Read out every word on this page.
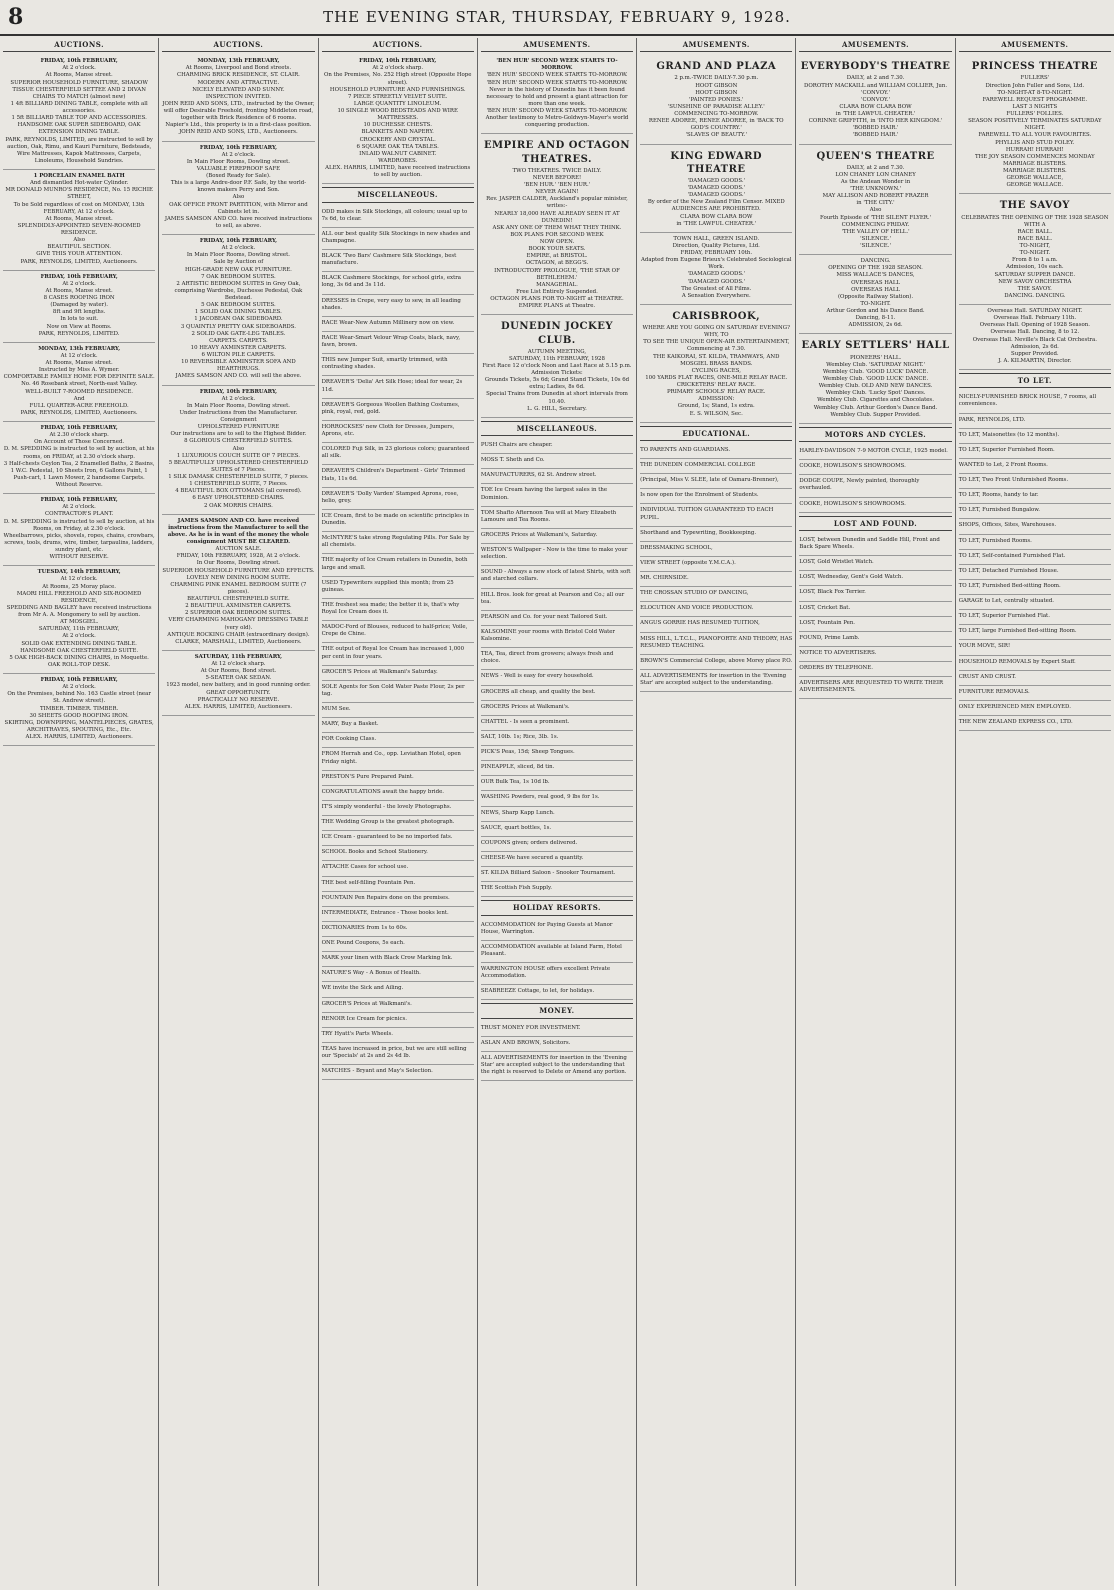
8	THE EVENING STAR, THURSDAY, FEBRUARY 9, 1928.
AUCTIONS.

FRIDAY, 10th FEBRUARY,

At 2 o'clock.

At Rooms, Manse street.

SUPERIOR HOUSEHOLD FURNITURE, SHADOW TISSUE CHESTERFIELD SETTEE AND 2 DIVAN CHAIRS TO MATCH (almost new)

1 4ft BILLIARD DINING TABLE, complete with all accessories.

1 5ft BILLIARD TABLE TOP AND ACCESSORIES.

HANDSOME OAK SUPER SIDEBOARD, OAK EXTENSION DINING TABLE.

PARK, REYNOLDS, LIMITED, are instructed to sell by auction, Oak, Rimu, and Kauri Furniture, Bedsteads, Wire Mattresses, Kapok Mattresses, Carpets, Linoleums, Household Sundries.

1 PORCELAIN ENAMEL BATH

And dismantled Hot-water Cylinder.

MR DONALD MUNRO'S RESIDENCE, No. 15 RICHIE STREET,

To be Sold regardless of cost on MONDAY, 13th FEBRUARY, At 12 o'clock.

At Rooms, Manse street.

SPLENDIDLY-APPOINTED SEVEN-ROOMED RESIDENCE.

Also

BEAUTIFUL SECTION.

GIVE THIS YOUR ATTENTION.

PARK, REYNOLDS, LIMITED, Auctioneers.

FRIDAY, 10th FEBRUARY,

At 2 o'clock.

At Rooms, Manse street.

8 CASES ROOFING IRON

(Damaged by water).

8ft and 9ft lengths.

In lots to suit.

Now on View at Rooms.

PARK, REYNOLDS, LIMITED.

MONDAY, 13th FEBRUARY,

At 12 o'clock.

At Rooms, Manse street.

Instructed by Miss A. Wymer.

COMFORTABLE FAMILY HOME FOR DEFINITE SALE.

No. 46 Rosebank street, North-east Valley.

WELL-BUILT 7-ROOMED RESIDENCE.

And

FULL QUARTER-ACRE FREEHOLD.

PARK, REYNOLDS, LIMITED, Auctioneers.

FRIDAY, 10th FEBRUARY,

At 2.30 o'clock sharp.

On Account of Those Concerned.

D. M. SPEDDING is instructed to sell by auction, at his rooms, on FRIDAY, at 2.30 o'clock sharp.

3 Half-chests Ceylon Tea, 2 Enamelled Baths, 2 Basins, 1 W.C. Pedestal, 10 Sheets Iron, 6 Gallons Paint, 1 Push-cart, 1 Lawn Mower, 2 handsome Carpets.

Without Reserve.

FRIDAY, 10th FEBRUARY,

At 2 o'clock.

CONTRACTOR'S PLANT.

D. M. SPEDDING is instructed to sell by auction, at his Rooms, on Friday, at 2.30 o'clock.

Wheelbarrows, picks, shovels, ropes, chains, crowbars, screws, tools, drums, wire, timber, tarpaulins, ladders, sundry plant, etc.

WITHOUT RESERVE.

TUESDAY, 14th FEBRUARY,

At 12 o'clock.

At Rooms, 25 Moray place.

MAORI HILL FREEHOLD AND SIX-ROOMED RESIDENCE,

SPEDDING AND BAGLEY have received instructions from Mr A. A. Mongomery to sell by auction.

AT MOSGIEL.

SATURDAY, 11th FEBRUARY,

At 2 o'clock.

SOLID OAK EXTENDING DINING TABLE.

HANDSOME OAK CHESTERFIELD SUITE.

5 OAK HIGH-BACK DINING CHAIRS, in Moquette.

OAK ROLL-TOP DESK.

FRIDAY, 10th FEBRUARY,

At 2 o'clock.

On the Premises, behind No. 163 Castle street (near St. Andrew street).

TIMBER. TIMBER. TIMBER.

30 SHEETS GOOD ROOFING IRON.

SKIRTING, DOWNPIPING, MANTELPIECES, GRATES, ARCHITRAVES, SPOUTING, Etc., Etc.

ALEX. HARRIS, LIMITED, Auctioneers.

AUCTIONS.

MONDAY, 13th FEBRUARY,

At Rooms, Liverpool and Bond streets.

CHARMING BRICK RESIDENCE, ST. CLAIR.

MODERN AND ATTRACTIVE.

NICELY ELEVATED AND SUNNY.

INSPECTION INVITED.

JOHN REID AND SONS, LTD., instructed by the Owner, will offer Desirable Freehold, fronting Middleton road, together with Brick Residence of 6 rooms.

Napier's Ltd., this property is in a first-class position.

JOHN REID AND SONS, LTD., Auctioneers.

FRIDAY, 10th FEBRUARY,

At 2 o'clock.

In Main Floor Rooms, Dowling street.

VALUABLE FIREPROOF SAFE

(Boxed Ready for Sale).

This is a large Andre-door P.F. Safe, by the world-known makers Perry and Son.

Also

OAK OFFICE FRONT PARTITION, with Mirror and Cabinets let in.

JAMES SAMSON AND CO. have received instructions to sell, as above.

FRIDAY, 10th FEBRUARY,

At 2 o'clock.

In Main Floor Rooms, Dowling street.

Sale by Auction of

HIGH-GRADE NEW OAK FURNITURE.

7 OAK BEDROOM SUITES.

2 ARTISTIC BEDROOM SUITES in Grey Oak, comprising Wardrobe, Duchesse Pedestal, Oak Bedstead.

5 OAK BEDROOM SUITES.

1 SOLID OAK DINING TABLES.

1 JACOBEAN OAK SIDEBOARD.

3 QUAINTLY PRETTY OAK SIDEBOARDS.

2 SOLID OAK GATE-LEG TABLES.

CARPETS. CARPETS.

10 HEAVY AXMINSTER CARPETS.

6 WILTON PILE CARPETS.

10 REVERSIBLE AXMINSTER SOFA AND HEARTHRUGS.

JAMES SAMSON AND CO. will sell the above.

FRIDAY, 10th FEBRUARY,

At 2 o'clock.

In Main Floor Rooms, Dowling street.

Under Instructions from the Manufacturer.

Consignment

UPHOLSTERED FURNITURE

Our instructions are to sell to the Highest Bidder.

8 GLORIOUS CHESTERFIELD SUITES.

Also

1 LUXURIOUS COUCH SUITE OF 7 PIECES.

5 BEAUTIFULLY UPHOLSTERED CHESTERFIELD SUITES of 7 Pieces.

1 SILK DAMASK CHESTERFIELD SUITE, 7 pieces.

1 CHESTERFIELD SUITE, 7 Pieces.

4 BEAUTIFUL BOX OTTOMANS (all covered).

6 EASY UPHOLSTERED CHAIRS.

2 OAK MORRIS CHAIRS.

JAMES SAMSON AND CO. have received instructions from the Manufacturer to sell the above. As he is in want of the money the whole consignment MUST BE CLEARED.

AUCTION SALE.

FRIDAY, 10th FEBRUARY, 1928, At 2 o'clock.

In Our Rooms, Dowling street.

SUPERIOR HOUSEHOLD FURNITURE AND EFFECTS.

LOVELY NEW DINING ROOM SUITE.

CHARMING PINK ENAMEL BEDROOM SUITE (7 pieces).

BEAUTIFUL CHESTERFIELD SUITE.

2 BEAUTIFUL AXMINSTER CARPETS.

2 SUPERIOR OAK BEDROOM SUITES.

VERY CHARMING MAHOGANY DRESSING TABLE (very old).

ANTIQUE ROCKING CHAIR (extraordinary design).

CLARKE, MARSHALL, LIMITED, Auctioneers.

SATURDAY, 11th FEBRUARY,

At 12 o'clock sharp.

At Our Rooms, Bond street.

5-SEATER OAK SEDAN.

1923 model, new battery, and in good running order.

GREAT OPPORTUNITY.

PRACTICALLY NO RESERVE.

ALEX. HARRIS, LIMITED, Auctioneers.

AUCTIONS.

FRIDAY, 10th FEBRUARY,

At 2 o'clock sharp.

On the Premises, No. 252 High street (Opposite Hope street).

HOUSEHOLD FURNITURE AND FURNISHINGS.

7 PIECE STREETLY VELVET SUITE.

LARGE QUANTITY LINOLEUM.

10 SINGLE WOOD BEDSTEADS AND WIRE MATTRESSES.

10 DUCHESSE CHESTS.

BLANKETS AND NAPERY.

CROCKERY AND CRYSTAL.

6 SQUARE OAK TEA TABLES.

INLAID WALNUT CABINET.

WARDROBES.

ALEX. HARRIS, LIMITED, have received instructions to sell by auction.

MISCELLANEOUS.

ODD makes in Silk Stockings, all colours; usual up to 7s 6d, to clear.

ALL our best quality Silk Stockings in new shades and Champagne.

BLACK 'Two Bars' Cashmere Silk Stockings, best manufacture.

BLACK Cashmere Stockings, for school girls, extra long, 3s 6d and 3s 11d.

DRESSES in Crepe, very easy to sew, in all leading shades.

RACE Wear-New Autumn Millinery now on view.

RACE Wear-Smart Velour Wrap Coats, black, navy, fawn, brown.

THIS new Jumper Suit, smartly trimmed, with contrasting shades.

DREAVER'S 'Delia' Art Silk Hose; ideal for wear, 2s 11d.

DREAVER'S Gorgeous Woollen Bathing Costumes, pink, royal, red, gold.

HORROCKSES' new Cloth for Dresses, Jumpers, Aprons, etc.

COLORED Fuji Silk, in 23 glorious colors; guaranteed all silk.

DREAVER'S Children's Department - Girls' Trimmed Hats, 11s 6d.

DREAVER'S 'Dolly Varden' Stamped Aprons, rose, helio, grey.

ICE Cream, first to be made on scientific principles in Dunedin.

McINTYRE'S take strong Regulating Pills. For Sale by all chemists.

THE majority of Ice Cream retailers in Dunedin, both large and small.

USED Typewriters supplied this month; from 25 guineas.

THE freshest sea made; the better it is, that's why Royal Ice Cream does it.

MADOC-Ford of Blouses, reduced to half-price; Voile, Crepe de Chine.

THE output of Royal Ice Cream has increased 1,000 per cent in four years.

GROCER'S Prices at Walkmani's Saturday.

SOLE Agents for Son Cold Water Paste Flour, 2s per tag.

MUM See.

MARY, Buy a Basket.

FOR Cooking Class.

FROM Herrah and Co., opp. Leviathan Hotel, open Friday night.

PRESTON'S Pure Prepared Paint.

CONGRATULATIONS await the happy bride.

IT'S simply wonderful - the lovely Photographs.

THE Wedding Group is the greatest photograph.

ICE Cream - guaranteed to be no imported fats.

SCHOOL Books and School Stationery.

ATTACHE Cases for school use.

THE best self-filling Fountain Pen.

FOUNTAIN Pen Repairs done on the premises.

INTERMEDIATE, Entrance - Those books lent.

DICTIONARIES from 1s to 60s.

ONE Pound Coupons, 5s each.

MARK your linen with Black Crow Marking Ink.

NATURE'S Way - A Bonus of Health.

WE invite the Sick and Ailing.

GROCER'S Prices at Walkmani's.

RENOIR Ice Cream for picnics.

TRY Hyatt's Parts Wheels.

TEAS have increased in price, but we are still selling our 'Specials' at 2s and 2s 4d lb.

MATCHES - Bryant and May's Selection.

AMUSEMENTS.

'BEN HUR' SECOND WEEK STARTS TO-MORROW.

'BEN HUR' SECOND WEEK STARTS TO-MORROW.

'BEN HUR' SECOND WEEK STARTS TO-MORROW.

Never in the history of Dunedin has it been found necessary to hold and present a giant attraction for more than one week.

'BEN HUR' SECOND WEEK STARTS TO-MORROW.

Another testimony to Metro-Goldwyn-Mayer's world conquering production.

EMPIRE AND OCTAGON THEATRES.

TWO THEATRES. TWICE DAILY.

NEVER BEFORE!

'BEN HUR.' 'BEN HUR.'

NEVER AGAIN!

Rev. JASPER CALDER, Auckland's popular minister, writes:-

NEARLY 18,000 HAVE ALREADY SEEN IT AT DUNEDIN!

ASK ANY ONE OF THEM WHAT THEY THINK.

BOX PLANS FOR SECOND WEEK

NOW OPEN.

BOOK YOUR SEATS.

EMPIRE, at BRISTOL.

OCTAGON, at BEGG'S.

INTRODUCTORY PROLOGUE, 'THE STAR OF BETHLEHEM.'

MANAGERIAL.

Free List Entirely Suspended.

OCTAGON PLANS FOR TO-NIGHT at THEATRE.

EMPIRE PLANS at Theatre.

DUNEDIN JOCKEY CLUB.

AUTUMN MEETING,

SATURDAY, 11th FEBRUARY, 1928

First Race 12 o'clock Noon and Last Race at 5.15 p.m.

Admission Tickets:

Grounds Tickets, 5s 6d; Grand Stand Tickets, 10s 6d extra; Ladies, 8s 6d.

Special Trains from Dunedin at short intervals from 10.40.

L. G. HILL, Secretary.

MISCELLANEOUS.

PUSH Chairs are cheaper.

MOSS T. Sheth and Co.

MANUFACTURERS, 62 St. Andrew street.

TOE Ice Cream having the largest sales in the Dominion.

TOM Shafto Afternoon Tea will at Mary Elizabeth Lamoure and Tea Rooms.

GROCERS Prices at Walkmani's, Saturday.

WESTON'S Wallpaper - Now is the time to make your selection.

SOUND - Always a new stock of latest Shirts, with soft and starched collars.

HILL Bros. look for great at Pearson and Co.; all our tea.

PEARSON and Co. for your next Tailored Suit.

KALSOMINE your rooms with Bristol Cold Water Kalsomine.

TEA, Tea, direct from growers; always fresh and choice.

NEWS - Well is easy for every household.

GROCERS all cheap, and quality the best.

GROCERS Prices at Walkmani's.

CHATTEL - Is seen a prominent.

SALT, 10lb. 1s; Rice, 3lb. 1s.

PICK'S Peas, 15d; Sheep Tongues.

PINEAPPLE, sliced, 8d tin.

OUR Bulk Tea, 1s 10d lb.

WASHING Powders, real good, 9 lbs for 1s.

NEWS, Sharp Kapp Lunch.

SAUCE, quart bottles, 1s.

COUPONS given; orders delivered.

CHEESE-We have secured a quantity.

ST. KILDA Billiard Saloon - Snooker Tournament.

THE Scottish Fish Supply.

HOLIDAY RESORTS.

ACCOMMODATION for Paying Guests at Manor House, Warrington.

ACCOMMODATION available at Island Farm, Hotel Pleasant.

WARRINGTON HOUSE offers excellent Private Accommodation.

SEABREEZE Cottage, to let, for holidays.

MONEY.

TRUST MONEY FOR INVESTMENT.

ASLAN AND BROWN, Solicitors.

ALL ADVERTISEMENTS for insertion in the 'Evening Star' are accepted subject to the understanding that the right is reserved to Delete or Amend any portion.

AMUSEMENTS.
GRAND AND PLAZA

2 p.m.-TWICE DAILY-7.30 p.m.

HOOT GIBSON

HOOT GIBSON

'PAINTED PONIES.'

'SUNSHINE OF PARADISE ALLEY.'

COMMENCING TO-MORROW.

RENEE ADOREE, RENEE ADOREE, in 'BACK TO GOD'S COUNTRY.'

'SLAVES OF BEAUTY.'

KING EDWARD THEATRE

'DAMAGED GOODS.'

'DAMAGED GOODS.'

'DAMAGED GOODS.'

By order of the New Zealand Film Censor. MIXED AUDIENCES ARE PROHIBITED.

CLARA BOW CLARA BOW

in 'THE LAWFUL CHEATER.'

TOWN HALL, GREEN ISLAND.

Direction, Quality Pictures, Ltd.

FRIDAY, FEBRUARY 10th.

Adapted from Eugene Brieux's Celebrated Sociological Work.

'DAMAGED GOODS.'

'DAMAGED GOODS.'

The Greatest of All Films.

A Sensation Everywhere.

CARISBROOK,

WHERE ARE YOU GOING ON SATURDAY EVENING?

WHY, TO

TO SEE THE UNIQUE OPEN-AIR ENTERTAINMENT, Commencing at 7.30.

THE KAIKORAI, ST. KILDA, TRAMWAYS, AND MOSGIEL BRASS BANDS.

CYCLING RACES,

100 YARDS FLAT RACES, ONE-MILE RELAY RACE.

CRICKETERS' RELAY RACE.

PRIMARY SCHOOLS' RELAY RACE.

ADMISSION:

Ground, 1s; Stand, 1s extra.

E. S. WILSON, Sec.

EDUCATIONAL.

TO PARENTS AND GUARDIANS.

THE DUNEDIN COMMERCIAL COLLEGE

(Principal, Miss V. SLEE, late of Oamaru-Brenner),

Is now open for the Enrolment of Students.

INDIVIDUAL TUITION GUARANTEED TO EACH PUPIL.

Shorthand and Typewriting, Bookkeeping.

DRESSMAKING SCHOOL,

VIEW STREET (opposite Y.M.C.A.).

MR. CHIRNSIDE.

THE CROSSAN STUDIO OF DANCING,

ELOCUTION AND VOICE PRODUCTION.

ANGUS GORRIE HAS RESUMED TUITION,

MISS HILL, L.T.C.L., PIANOFORTE AND THEORY, HAS RESUMED TEACHING.

BROWN'S Commercial College, above Morey place P.O.

ALL ADVERTISEMENTS for insertion in the 'Evening Star' are accepted subject to the understanding.

AMUSEMENTS.
EVERYBODY'S THEATRE

DAILY, at 2 and 7.30.

DOROTHY MACKAILL and WILLIAM COLLIER, Jun.

'CONVOY.'

'CONVOY.'

CLARA BOW CLARA BOW

in 'THE LAWFUL CHEATER.'

CORINNE GRIFFITH, in 'INTO HER KINGDOM.'

'BOBBED HAIR.'

'BOBBED HAIR.'

QUEEN'S THEATRE

DAILY, at 2 and 7.30.

LON CHANEY LON CHANEY

As the Andean Wonder in

'THE UNKNOWN.'

MAY ALLISON AND ROBERT FRAZER

in 'THE CITY.'

Also

Fourth Episode of 'THE SILENT FLYER.'

COMMENCING FRIDAY.

'THE VALLEY OF HELL.'

'SILENCE.'

'SILENCE.'

DANCING.

OPENING OF THE 1928 SEASON.

MISS WALLACE'S DANCES,

OVERSEAS HALL

OVERSEAS HALL

(Opposite Railway Station).

TO-NIGHT.

Arthur Gordon and his Dance Band.

Dancing, 8-11.

ADMISSION, 2s 6d.

EARLY SETTLERS' HALL

PIONEERS' HALL.

Wembley Club. 'SATURDAY NIGHT.'

Wembley Club. 'GOOD LUCK' DANCE.

Wembley Club. 'GOOD LUCK' DANCE.

Wembley Club. OLD AND NEW DANCES.

Wembley Club. 'Lucky Spot' Dances.

Wembley Club. Cigarettes and Chocolates.

Wembley Club. Arthur Gordon's Dance Band.

Wembley Club. Supper Provided.

MOTORS AND CYCLES.

HARLEY-DAVIDSON 7-9 MOTOR CYCLE, 1925 model.

COOKE, HOWLISON'S SHOWROOMS.

DODGE COUPE, Newly painted, thoroughly overhauled.

COOKE, HOWLISON'S SHOWROOMS.

LOST AND FOUND.

LOST, between Dunedin and Saddle Hill, Front and Back Spare Wheels.

LOST, Gold Wristlet Watch.

LOST, Wednesday, Gent's Gold Watch.

LOST, Black Fox Terrier.

LOST, Cricket Bat.

LOST, Fountain Pen.

FOUND, Prime Lamb.

NOTICE TO ADVERTISERS.

ORDERS BY TELEPHONE.

ADVERTISERS ARE REQUESTED TO WRITE THEIR ADVERTISEMENTS.

AMUSEMENTS.
PRINCESS THEATRE

FULLERS'

Direction John Fuller and Sons, Ltd.

TO-NIGHT-AT 8-TO-NIGHT.

FAREWELL REQUEST PROGRAMME.

LAST 3 NIGHTS

FULLERS' FOLLIES.

SEASON POSITIVELY TERMINATES SATURDAY NIGHT.

FAREWELL TO ALL YOUR FAVOURITES.

PHYLLIS AND STUD FOLEY.

HURRAH! HURRAH!

THE JOY SEASON COMMENCES MONDAY

MARRIAGE BLISTERS.

MARRIAGE BLISTERS.

GEORGE WALLACE,

GEORGE WALLACE.

THE SAVOY

CELEBRATES THE OPENING OF THE 1928 SEASON WITH A

RACE BALL.

RACE BALL.

TO-NIGHT,

TO-NIGHT.

From 8 to 1 a.m.

Admission, 10s each.

SATURDAY SUPPER DANCE.

NEW SAVOY ORCHESTRA

THE SAVOY.

DANCING. DANCING.

Overseas Hall. SATURDAY NIGHT.

Overseas Hall. February 11th.

Overseas Hall. Opening of 1928 Season.

Overseas Hall. Dancing, 8 to 12.

Overseas Hall. Neville's Black Cat Orchestra.

Admission, 2s 6d.

Supper Provided.

J. A. KILMARTIN, Director.

TO LET.

NICELY-FURNISHED BRICK HOUSE, 7 rooms, all conveniences.

PARK, REYNOLDS, LTD.

TO LET, Maisonettes (to 12 months).

TO LET, Superior Furnished Room.

WANTED to Let, 2 Front Rooms.

TO LET, Two Front Unfurnished Rooms.

TO LET, Rooms, handy to tar.

TO LET, Furnished Bungalow.

SHOPS, Offices, Sites, Warehouses.

TO LET, Furnished Rooms.

TO LET, Self-contained Furnished Flat.

TO LET, Detached Furnished House.

TO LET, Furnished Bed-sitting Room.

GARAGE to Let, centrally situated.

TO LET, Superior Furnished Flat.

TO LET, large Furnished Bed-sitting Room.

YOUR MOVE, SIR!

HOUSEHOLD REMOVALS by Expert Staff.

CRUST AND CRUST.

FURNITURE REMOVALS.

ONLY EXPERIENCED MEN EMPLOYED.

THE NEW ZEALAND EXPRESS CO., LTD.
